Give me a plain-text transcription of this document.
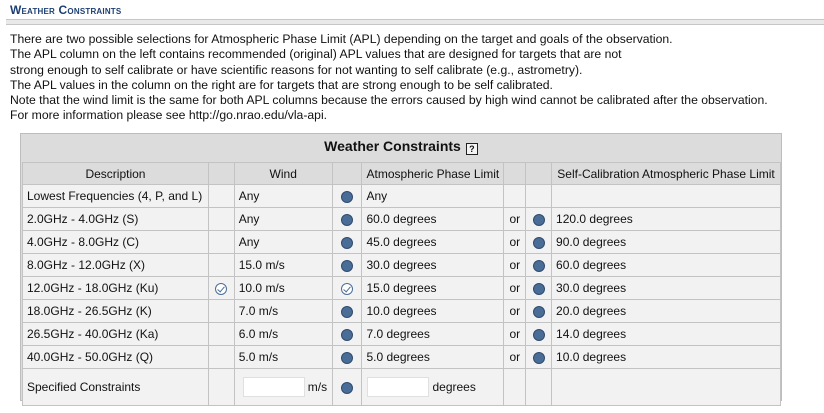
Weather Constraints
There are two possible selections for Atmospheric Phase Limit (APL) depending on the target and goals of the observation.
The APL column on the left contains recommended (original) APL values that are designed for targets that are not
strong enough to self calibrate or have scientific reasons for not wanting to self calibrate (e.g., astrometry).
The APL values in the column on the right are for targets that are strong enough to be self calibrated.
Note that the wind limit is the same for both APL columns because the errors caused by high wind cannot be calibrated after the observation.
For more information please see http://go.nrao.edu/vla-api.
Weather Constraints ?
Description		Wind		Atmospheric Phase Limit			Self-Calibration Atmospheric Phase Limit
Lowest Frequencies (4, P, and L)		Any		Any			
2.0GHz - 4.0GHz (S)		Any		60.0 degrees	or		120.0 degrees
4.0GHz - 8.0GHz (C)		Any		45.0 degrees	or		90.0 degrees
8.0GHz - 12.0GHz (X)		15.0 m/s		30.0 degrees	or		60.0 degrees
12.0GHz - 18.0GHz (Ku)		10.0 m/s		15.0 degrees	or		30.0 degrees
18.0GHz - 26.5GHz (K)		7.0 m/s		10.0 degrees	or		20.0 degrees
26.5GHz - 40.0GHz (Ka)		6.0 m/s		7.0 degrees	or		14.0 degrees
40.0GHz - 50.0GHz (Q)		5.0 m/s		5.0 degrees	or		10.0 degrees
Specified Constraints		m/s		degrees			
